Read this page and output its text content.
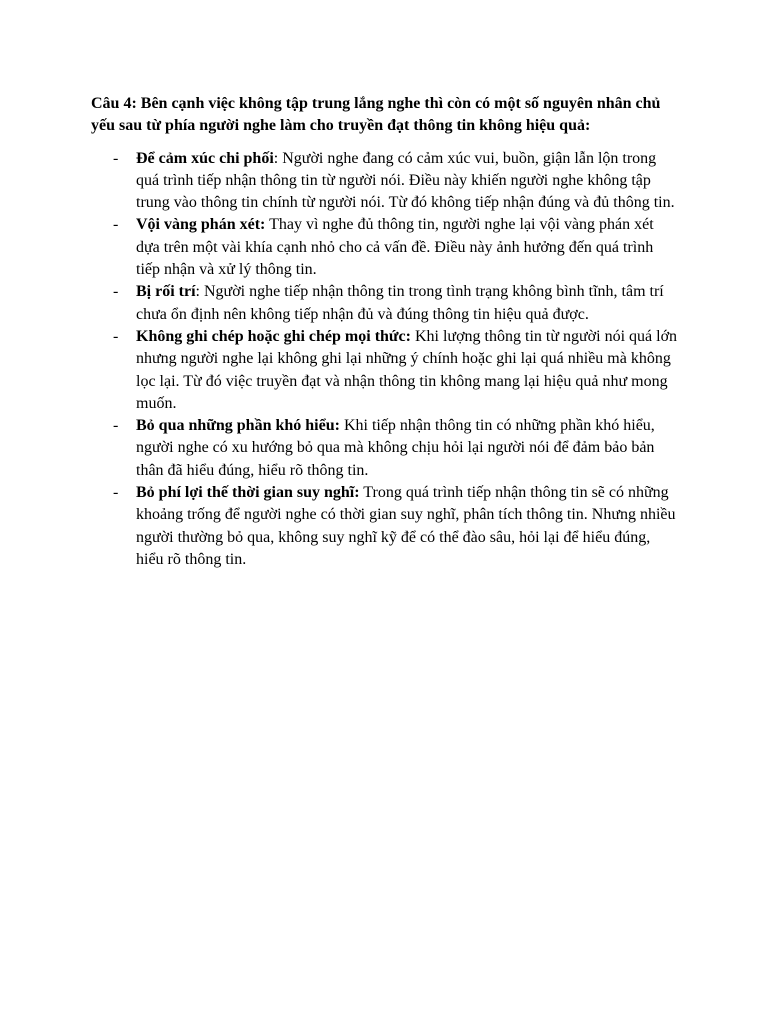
Câu 4: Bên cạnh việc không tập trung lắng nghe thì còn có một số nguyên nhân chủ yếu sau từ phía người nghe làm cho truyền đạt thông tin không hiệu quả:

- Để cảm xúc chi phối: Người nghe đang có cảm xúc vui, buồn, giận lẫn lộn trong quá trình tiếp nhận thông tin từ người nói. Điều này khiến người nghe không tập trung vào thông tin chính từ người nói. Từ đó không tiếp nhận đúng và đủ thông tin.
- Vội vàng phán xét: Thay vì nghe đủ thông tin, người nghe lại vội vàng phán xét dựa trên một vài khía cạnh nhỏ cho cả vấn đề. Điều này ảnh hưởng đến quá trình tiếp nhận và xử lý thông tin.
- Bị rối trí: Người nghe tiếp nhận thông tin trong tình trạng không bình tĩnh, tâm trí chưa ổn định nên không tiếp nhận đủ và đúng thông tin hiệu quả được.
- Không ghi chép hoặc ghi chép mọi thức: Khi lượng thông tin từ người nói quá lớn nhưng người nghe lại không ghi lại những ý chính hoặc ghi lại quá nhiều mà không lọc lại. Từ đó việc truyền đạt và nhận thông tin không mang lại hiệu quả như mong muốn.
- Bỏ qua những phần khó hiểu: Khi tiếp nhận thông tin có những phần khó hiểu, người nghe có xu hướng bỏ qua mà không chịu hỏi lại người nói để đảm bảo bản thân đã hiểu đúng, hiểu rõ thông tin.
- Bỏ phí lợi thế thời gian suy nghĩ: Trong quá trình tiếp nhận thông tin sẽ có những khoảng trống để người nghe có thời gian suy nghĩ, phân tích thông tin. Nhưng nhiều người thường bỏ qua, không suy nghĩ kỹ để có thể đào sâu, hỏi lại để hiểu đúng, hiểu rõ thông tin.
